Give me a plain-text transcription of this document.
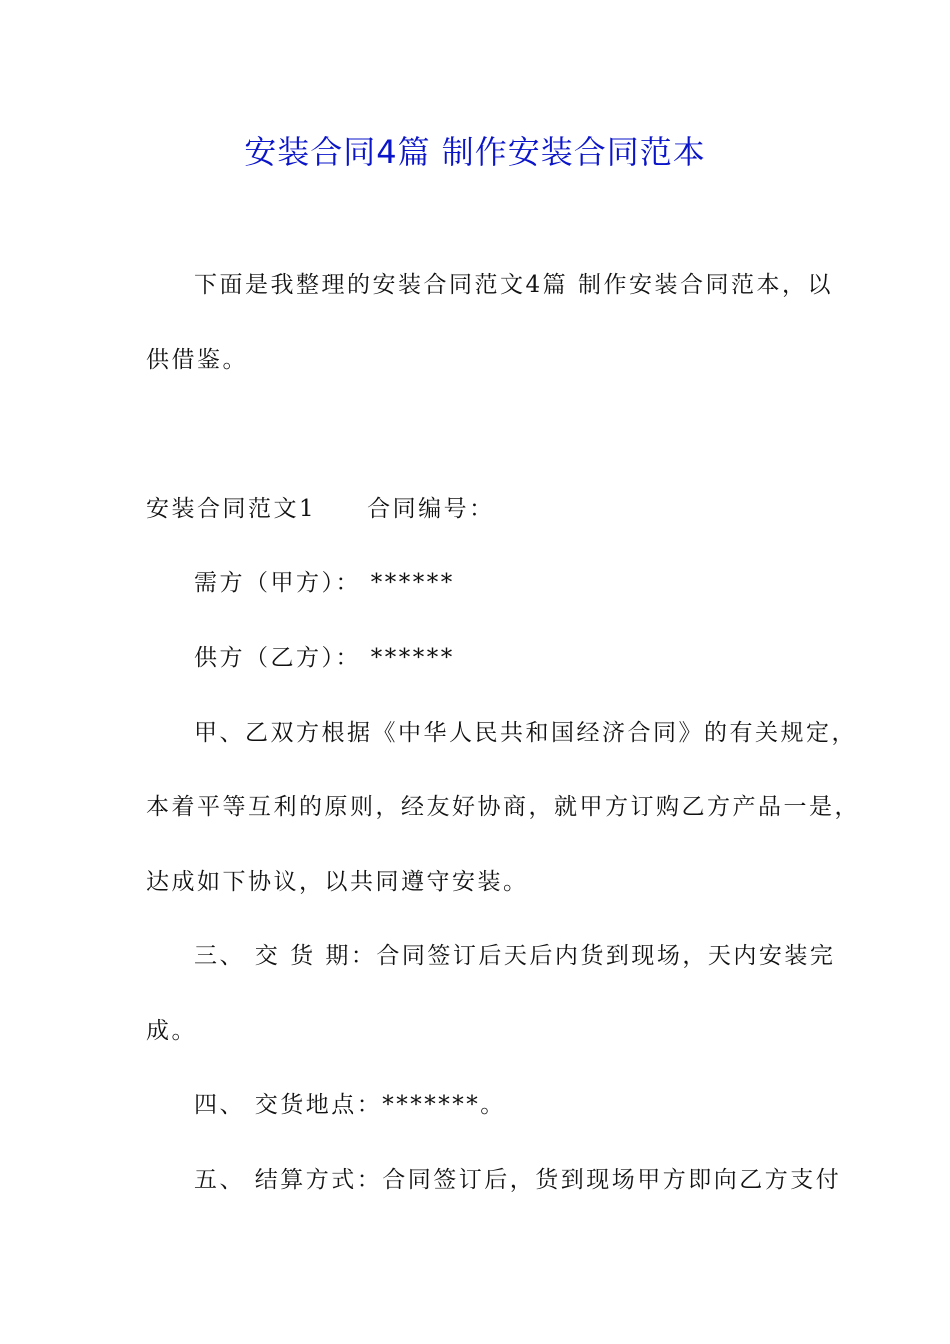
安装合同4篇 制作安装合同范本
下面是我整理的安装合同范文4篇 制作安装合同范本，以
供借鉴。
安装合同范文1　　合同编号：
需方（甲方）： ******
供方（乙方）： ******
甲、乙双方根据《中华人民共和国经济合同》的有关规定，
本着平等互利的原则，经友好协商，就甲方订购乙方产品一是，
达成如下协议，以共同遵守安装。
三、 交 货 期：合同签订后天后内货到现场，天内安装完
成。
四、 交货地点：*******。
五、 结算方式：合同签订后，货到现场甲方即向乙方支付
